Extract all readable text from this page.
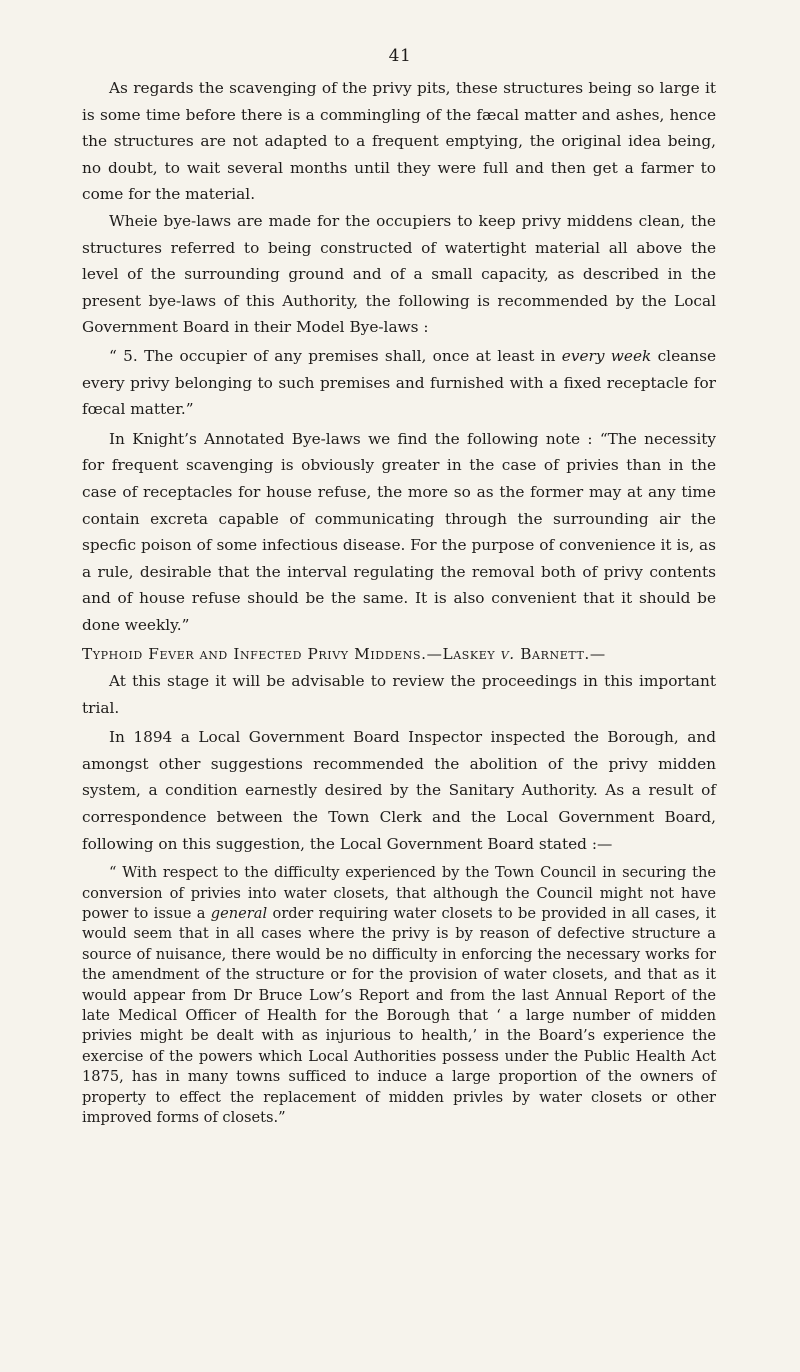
41

As regards the scavenging of the privy pits, these structures being so large it is some time before there is a commingling of the fæcal matter and ashes, hence the structures are not adapted to a frequent emptying, the original idea being, no doubt, to wait several months until they were full and then get a farmer to come for the material.

Wheie bye-laws are made for the occupiers to keep privy middens clean, the structures referred to being constructed of watertight material all above the level of the surrounding ground and of a small capacity, as described in the present bye-laws of this Authority, the following is recommended by the Local Government Board in their Model Bye-laws :

“ 5. The occupier of any premises shall, once at least in every week cleanse every privy belonging to such premises and furnished with a fixed receptacle for fœcal matter.”

In Knight’s Annotated Bye-laws we find the following note : “The necessity for frequent scavenging is obviously greater in the case of privies than in the case of receptacles for house refuse, the more so as the former may at any time contain excreta capable of communicating through the surrounding air the specfic poison of some infectious disease. For the purpose of convenience it is, as a rule, desirable that the interval regulating the removal both of privy contents and of house refuse should be the same. It is also convenient that it should be done weekly.”

Typhoid Fever and Infected Privy Middens.—Laskey v. Barnett.—

At this stage it will be advisable to review the proceedings in this important trial.

In 1894 a Local Government Board Inspector inspected the Borough, and amongst other suggestions recommended the abolition of the privy midden system, a condition earnestly desired by the Sanitary Authority. As a result of correspondence between the Town Clerk and the Local Government Board, following on this suggestion, the Local Government Board stated :—

“ With respect to the difficulty experienced by the Town Council in securing the conversion of privies into water closets, that although the Council might not have power to issue a general order requiring water closets to be provided in all cases, it would seem that in all cases where the privy is by reason of defective structure a source of nuisance, there would be no difficulty in enforcing the necessary works for the amendment of the structure or for the provision of water closets, and that as it would appear from Dr Bruce Low’s Report and from the last Annual Report of the late Medical Officer of Health for the Borough that ‘ a large number of midden privies might be dealt with as injurious to health,’ in the Board’s experience the exercise of the powers which Local Authorities possess under the Public Health Act 1875, has in many towns sufficed to induce a large proportion of the owners of property to effect the replacement of midden privles by water closets or other improved forms of closets.”
